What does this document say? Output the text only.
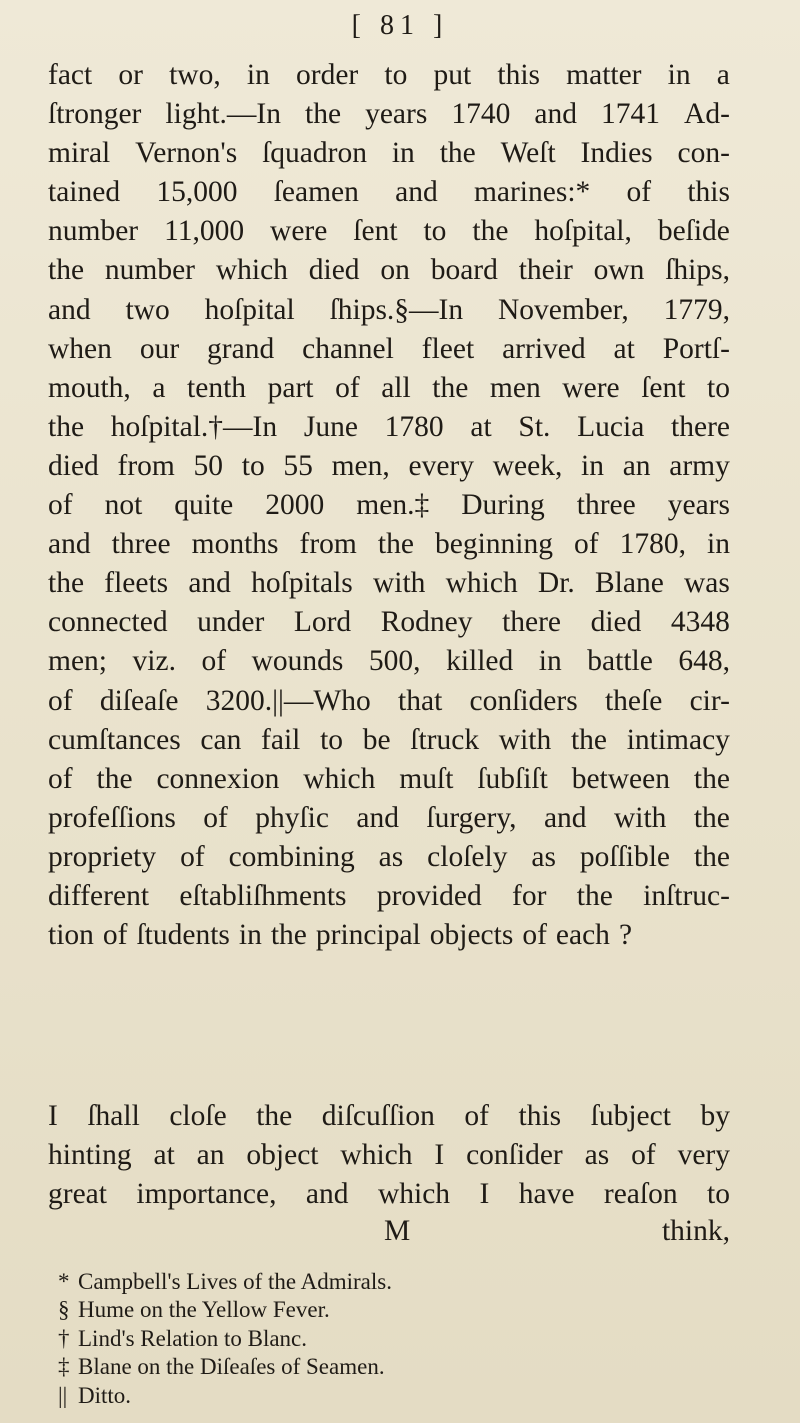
[ 81 ]
fact or two, in order to put this matter in a
ſtronger light.—In the years 1740 and 1741 Ad-
miral Vernon's ſquadron in the Weſt Indies con-
tained 15,000 ſeamen and marines:* of this
number 11,000 were ſent to the hoſpital, beſide
the number which died on board their own ſhips,
and two hoſpital ſhips.§—In November, 1779,
when our grand channel fleet arrived at Portſ-
mouth, a tenth part of all the men were ſent to
the hoſpital.†—In June 1780 at St. Lucia there
died from 50 to 55 men, every week, in an army
of not quite 2000 men.‡ During three years
and three months from the beginning of 1780, in
the fleets and hoſpitals with which Dr. Blane was
connected under Lord Rodney there died 4348
men; viz. of wounds 500, killed in battle 648,
of diſeaſe 3200.||—Who that conſiders theſe cir-
cumſtances can fail to be ſtruck with the intimacy
of the connexion which muſt ſubſiſt between the
profeſſions of phyſic and ſurgery, and with the
propriety of combining as cloſely as poſſible the
different eſtabliſhments provided for the inſtruc-
tion of ſtudents in the principal objects of each ?
I ſhall cloſe the diſcuſſion of this ſubject by
hinting at an object which I conſider as of very
great importance, and which I have reaſon to
M	think,
* Campbell's Lives of the Admirals.
§ Hume on the Yellow Fever.
† Lind's Relation to Blanc.
‡ Blane on the Diſeaſes of Seamen.
|| Ditto.
